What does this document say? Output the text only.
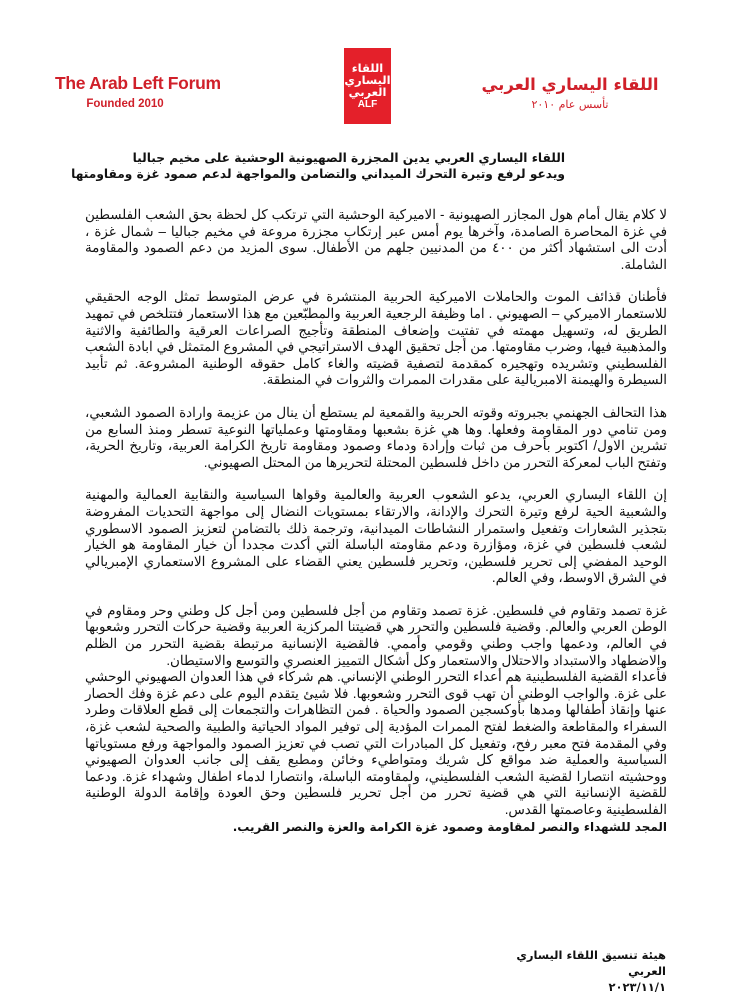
The Arab Left Forum
Founded 2010
اللقاء
اليساري
العربي
ALF
اللقاء اليساري العربي
تأسس عام ٢٠١٠
اللقاء اليساري العربي يدين المجزرة الصهيونية الوحشية على مخيم جباليا
ويدعو لرفع وتيرة التحرك الميداني والتضامن والمواجهة لدعم صمود غزة ومقاومتها

لا كلام يقال أمام هول المجازر الصهيونية - الاميركية الوحشية التي ترتكب كل لحظة بحق الشعب الفلسطين في غزة المحاصرة الصامدة، وآخرها يوم أمس عبر إرتكاب مجزرة مروعة في مخيم جباليا – شمال غزة ، أدت الى استشهاد أكثر من ٤٠٠ من المدنيين جلهم من الأطفال. سوى المزيد من دعم الصمود والمقاومة الشاملة.

فأطنان قذائف الموت والحاملات الاميركية الحربية المنتشرة في عرض المتوسط تمثل الوجه الحقيقي للاستعمار الاميركي – الصهيوني . اما وظيفة الرجعية العربية والمطبّعين مع هذا الاستعمار فتتلخص في تمهيد الطريق له، وتسهيل مهمته في تفتيت وإضعاف المنطقة وتأجيج الصراعات العرقية والطائفية والاثنية والمذهبية فيها، وضرب مقاومتها. من أجل تحقيق الهدف الاستراتيجي في المشروع المتمثل في ابادة الشعب الفلسطيني وتشريده وتهجيره كمقدمة لتصفية قضيته والغاء كامل حقوقه الوطنية المشروعة. ثم تأبيد السيطرة والهيمنة الامبريالية على مقدرات الممرات والثروات في المنطقة.

هذا التحالف الجهنمي بجبروته وقوته الحربية والقمعية لم يستطع أن ينال من عزيمة وارادة الصمود الشعبي، ومن تنامي دور المقاومة وفعلها. وها هي غزة بشعبها ومقاومتها وعملياتها النوعية تسطر ومنذ السابع من تشرين الاول/ اكتوبر بأحرف من ثبات وإرادة ودماء وصمود ومقاومة تاريخ الكرامة العربية، وتاريخ الحرية، وتفتح الباب لمعركة التحرر من داخل فلسطين المحتلة لتحريرها من المحتل الصهيوني.

إن اللقاء اليساري العربي، يدعو الشعوب العربية والعالمية وقواها السياسية والنقابية العمالية والمهنية والشعبية الحية لرفع وتيرة التحرك والإدانة، والارتقاء بمستويات النضال إلى مواجهة التحديات المفروضة بتجذير الشعارات وتفعيل واستمرار النشاطات الميدانية، وترجمة ذلك بالتضامن لتعزيز الصمود الاسطوري لشعب فلسطين في غزة، ومؤازرة ودعم مقاومته الباسلة التي أكدت مجددا أن خيار المقاومة هو الخيار الوحيد المفضي إلى تحرير فلسطين، وتحرير فلسطين يعني القضاء على المشروع الاستعماري الإمبريالي في الشرق الاوسط، وفي العالم.

غزة تصمد وتقاوم في فلسطين. غزة تصمد وتقاوم من أجل فلسطين ومن أجل كل وطني وحر ومقاوم في الوطن العربي والعالم. وقضية فلسطين والتحرر هي قضيتنا المركزية العربية وقضية حركات التحرر وشعوبها في العالم، ودعمها واجب وطني وقومي وأممي. فالقضية الإنسانية مرتبطة بقضية التحرر من الظلم والاضطهاد والاستبداد والاحتلال والاستعمار وكل أشكال التمييز العنصري والتوسع والاستيطان.

فأعداء القضية الفلسطينية هم أعداء التحرر الوطني الإنساني. هم شركاء في هذا العدوان الصهيوني الوحشي على غزة. والواجب الوطني أن تهب قوى التحرر وشعوبها. فلا شيئ يتقدم اليوم على دعم غزة وفك الحصار عنها وإنقاذ أطفالها ومدها بأوكسجين الصمود والحياة . فمن التظاهرات والتجمعات إلى قطع العلاقات وطرد السفراء والمقاطعة والضغط لفتح الممرات المؤدية إلى توفير المواد الحياتية والطبية والصحية لشعب غزة، وفي المقدمة فتح معبر رفح، وتفعيل كل المبادرات التي تصب في تعزيز الصمود والمواجهة ورفع مستوياتها السياسية والعملية ضد مواقع كل شريك ومتواطيء وخائن ومطبع يقف إلى جانب العدوان الصهيوني ووحشيته انتصارا لقضية الشعب الفلسطيني، ولمقاومته الباسلة، وانتصارا لدماء اطفال وشهداء غزة. ودعما للقضية الإنسانية التي هي قضية تحرر من أجل تحرير فلسطين وحق العودة وإقامة الدولة الوطنية الفلسطينية وعاصمتها القدس.

المجد للشهداء والنصر لمقاومة وصمود غزة الكرامة والعزة والنصر القريب.

هيئة تنسيق اللقاء اليساري العربي
٢٠٢٣/١١/١
